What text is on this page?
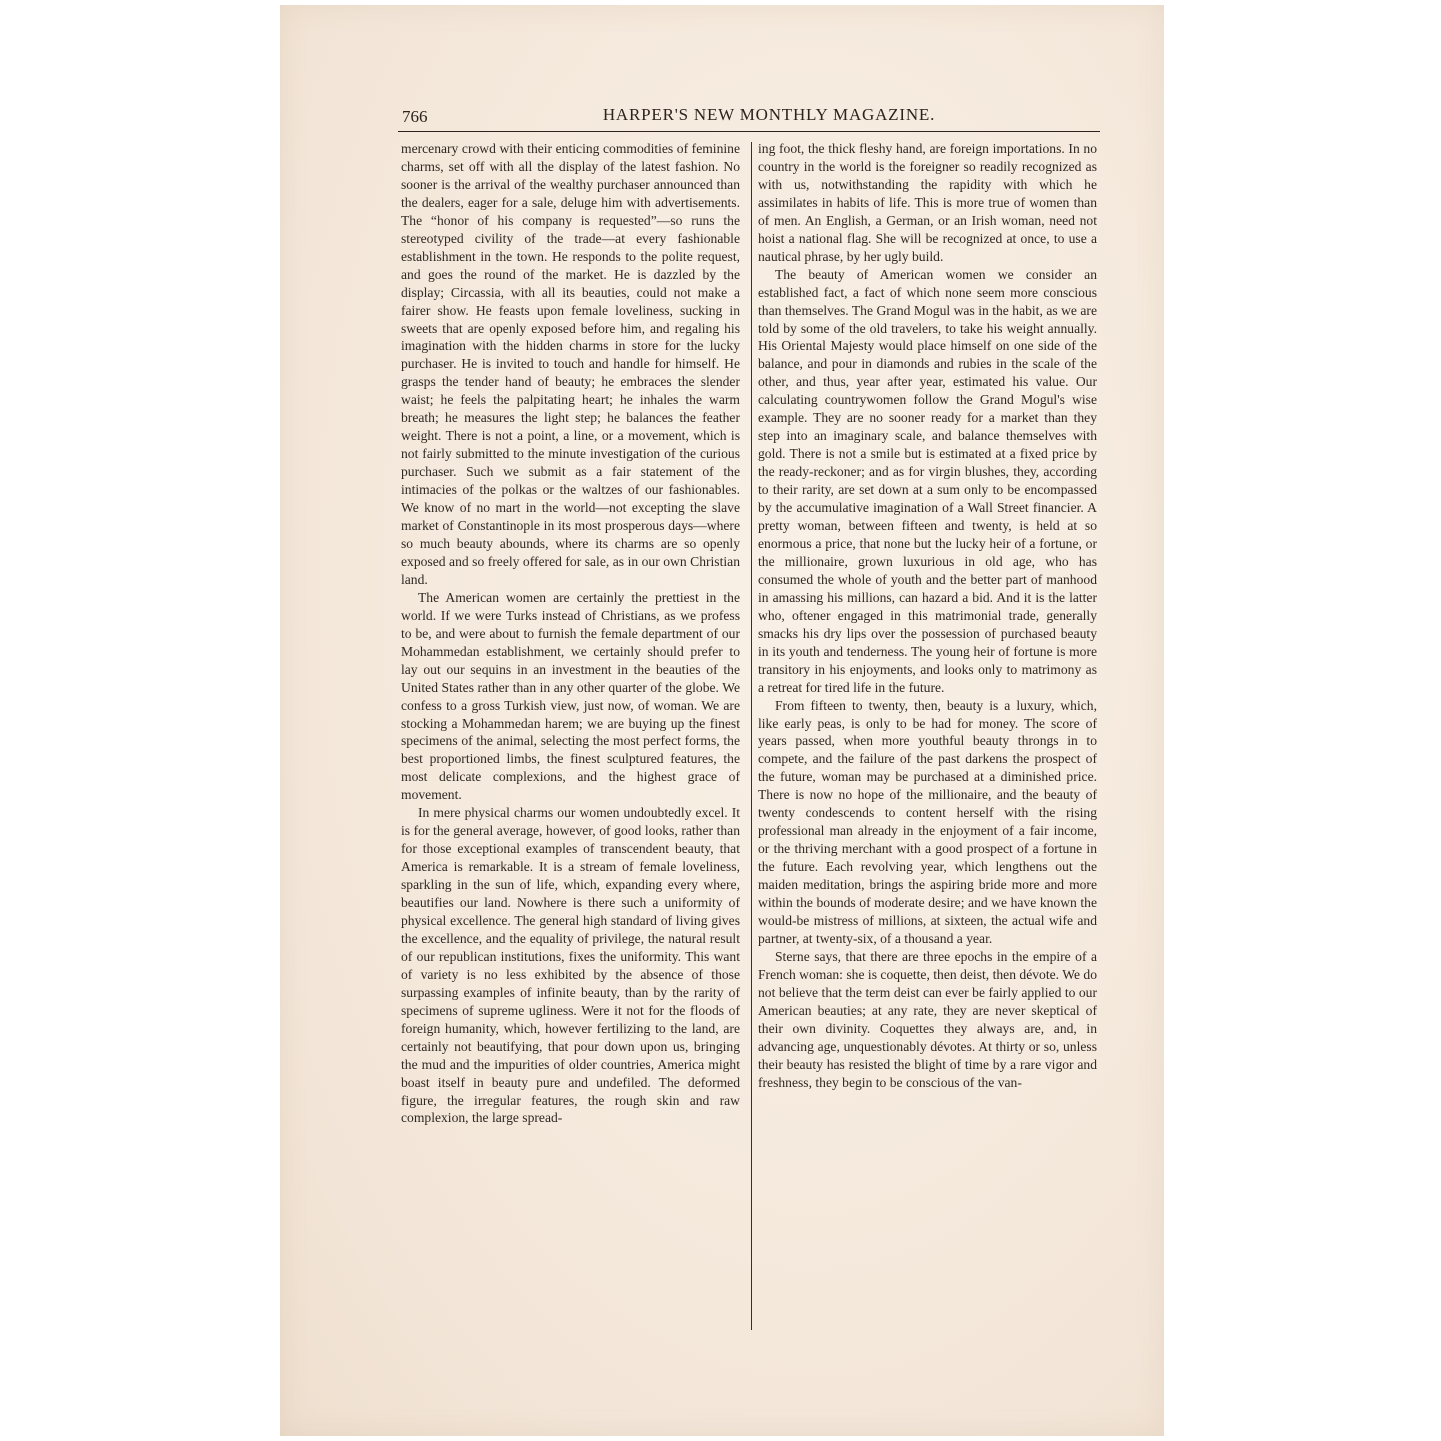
766	HARPER'S NEW MONTHLY MAGAZINE.

mercenary crowd with their enticing commodities of feminine charms, set off with all the display of the latest fashion. No sooner is the arrival of the wealthy purchaser announced than the dealers, eager for a sale, deluge him with advertisements. The “honor of his company is requested”—so runs the stereotyped civility of the trade—at every fashionable establishment in the town. He responds to the polite request, and goes the round of the market. He is dazzled by the display; Circassia, with all its beauties, could not make a fairer show. He feasts upon female loveliness, sucking in sweets that are openly exposed before him, and regaling his imagination with the hidden charms in store for the lucky purchaser. He is invited to touch and handle for himself. He grasps the tender hand of beauty; he embraces the slender waist; he feels the palpitating heart; he inhales the warm breath; he measures the light step; he balances the feather weight. There is not a point, a line, or a movement, which is not fairly submitted to the minute investigation of the curious purchaser. Such we submit as a fair statement of the intimacies of the polkas or the waltzes of our fashionables. We know of no mart in the world—not excepting the slave market of Constantinople in its most prosperous days—where so much beauty abounds, where its charms are so openly exposed and so freely offered for sale, as in our own Christian land.

The American women are certainly the prettiest in the world. If we were Turks instead of Christians, as we profess to be, and were about to furnish the female department of our Mohammedan establishment, we certainly should prefer to lay out our sequins in an investment in the beauties of the United States rather than in any other quarter of the globe. We confess to a gross Turkish view, just now, of woman. We are stocking a Mohammedan harem; we are buying up the finest specimens of the animal, selecting the most perfect forms, the best proportioned limbs, the finest sculptured features, the most delicate complexions, and the highest grace of movement.

In mere physical charms our women undoubtedly excel. It is for the general average, however, of good looks, rather than for those exceptional examples of transcendent beauty, that America is remarkable. It is a stream of female loveliness, sparkling in the sun of life, which, expanding every where, beautifies our land. Nowhere is there such a uniformity of physical excellence. The general high standard of living gives the excellence, and the equality of privilege, the natural result of our republican institutions, fixes the uniformity. This want of variety is no less exhibited by the absence of those surpassing examples of infinite beauty, than by the rarity of specimens of supreme ugliness. Were it not for the floods of foreign humanity, which, however fertilizing to the land, are certainly not beautifying, that pour down upon us, bringing the mud and the impurities of older countries, America might boast itself in beauty pure and undefiled. The deformed figure, the irregular features, the rough skin and raw complexion, the large spread-

ing foot, the thick fleshy hand, are foreign importations. In no country in the world is the foreigner so readily recognized as with us, notwithstanding the rapidity with which he assimilates in habits of life. This is more true of women than of men. An English, a German, or an Irish woman, need not hoist a national flag. She will be recognized at once, to use a nautical phrase, by her ugly build.

The beauty of American women we consider an established fact, a fact of which none seem more conscious than themselves. The Grand Mogul was in the habit, as we are told by some of the old travelers, to take his weight annually. His Oriental Majesty would place himself on one side of the balance, and pour in diamonds and rubies in the scale of the other, and thus, year after year, estimated his value. Our calculating countrywomen follow the Grand Mogul's wise example. They are no sooner ready for a market than they step into an imaginary scale, and balance themselves with gold. There is not a smile but is estimated at a fixed price by the ready-reckoner; and as for virgin blushes, they, according to their rarity, are set down at a sum only to be encompassed by the accumulative imagination of a Wall Street financier. A pretty woman, between fifteen and twenty, is held at so enormous a price, that none but the lucky heir of a fortune, or the millionaire, grown luxurious in old age, who has consumed the whole of youth and the better part of manhood in amassing his millions, can hazard a bid. And it is the latter who, oftener engaged in this matrimonial trade, generally smacks his dry lips over the possession of purchased beauty in its youth and tenderness. The young heir of fortune is more transitory in his enjoyments, and looks only to matrimony as a retreat for tired life in the future.

From fifteen to twenty, then, beauty is a luxury, which, like early peas, is only to be had for money. The score of years passed, when more youthful beauty throngs in to compete, and the failure of the past darkens the prospect of the future, woman may be purchased at a diminished price. There is now no hope of the millionaire, and the beauty of twenty condescends to content herself with the rising professional man already in the enjoyment of a fair income, or the thriving merchant with a good prospect of a fortune in the future. Each revolving year, which lengthens out the maiden meditation, brings the aspiring bride more and more within the bounds of moderate desire; and we have known the would-be mistress of millions, at sixteen, the actual wife and partner, at twenty-six, of a thousand a year.

Sterne says, that there are three epochs in the empire of a French woman: she is coquette, then deist, then dévote. We do not believe that the term deist can ever be fairly applied to our American beauties; at any rate, they are never skeptical of their own divinity. Coquettes they always are, and, in advancing age, unquestionably dévotes. At thirty or so, unless their beauty has resisted the blight of time by a rare vigor and freshness, they begin to be conscious of the van-
